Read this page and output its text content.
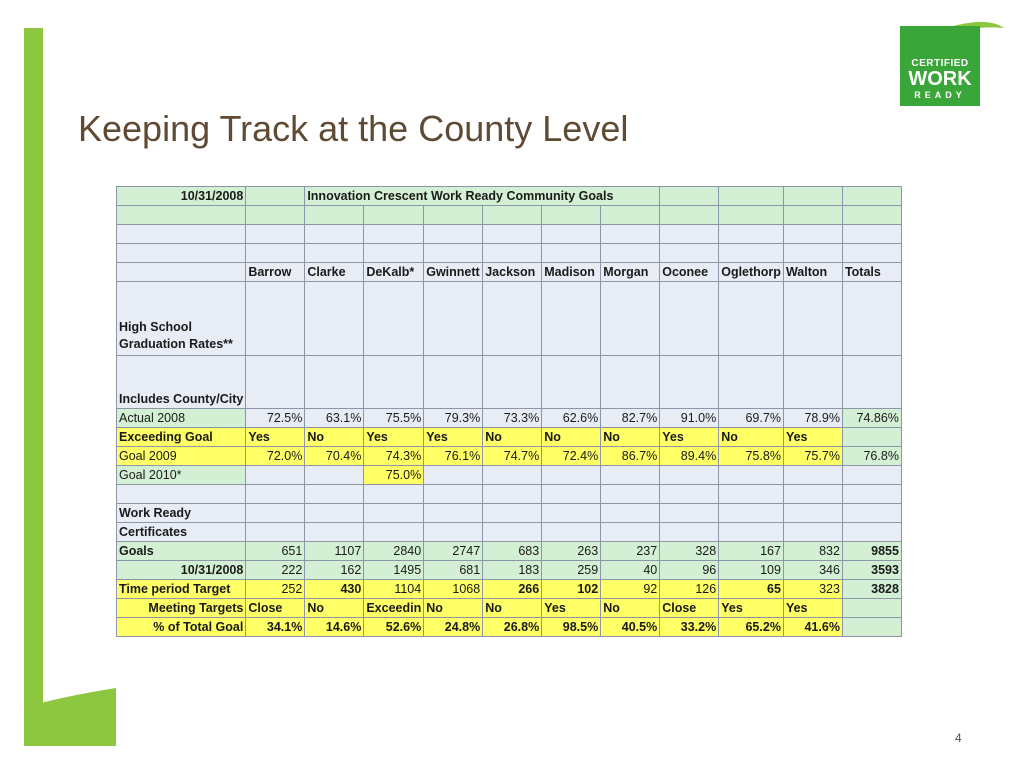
CERTIFIED
WORK
READY
Keeping Track at the County Level
10/31/2008		Innovation Crescent Work Ready Community Goals									

	Barrow	Clarke	DeKalb*	Gwinnett	Jackson	Madison	Morgan	Oconee	Oglethorp	Walton	Totals

High School
Graduation Rates**											

Includes County/City											
Actual 2008	72.5%	63.1%	75.5%	79.3%	73.3%	62.6%	82.7%	91.0%	69.7%	78.9%	74.86%
Exceeding Goal	Yes	No	Yes	Yes	No	No	No	Yes	No	Yes	
Goal 2009	72.0%	70.4%	74.3%	76.1%	74.7%	72.4%	86.7%	89.4%	75.8%	75.7%	76.8%
Goal 2010*			75.0%								

Work Ready											
Certificates											
Goals	651	1107	2840	2747	683	263	237	328	167	832	9855
10/31/2008	222	162	1495	681	183	259	40	96	109	346	3593
Time period Target	252	430	1104	1068	266	102	92	126	65	323	3828
Meeting Targets	Close	No	Exceedin	No	No	Yes	No	Close	Yes	Yes	
% of Total Goal	34.1%	14.6%	52.6%	24.8%	26.8%	98.5%	40.5%	33.2%	65.2%	41.6%	
4
